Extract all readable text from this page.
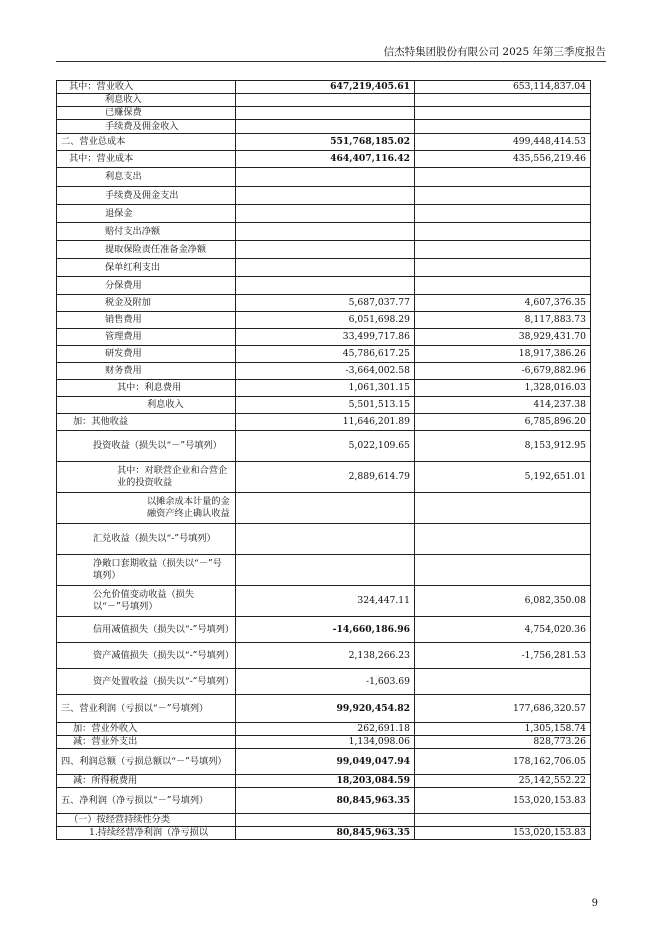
信杰特集团股份有限公司 2025 年第三季度报告
其中：营业收入	647,219,405.61	653,114,837.04
利息收入		
已赚保费		
手续费及佣金收入		
二、营业总成本	551,768,185.02	499,448,414.53
其中：营业成本	464,407,116.42	435,556,219.46
利息支出		
手续费及佣金支出		
退保金		
赔付支出净额		
提取保险责任准备金净额		
保单红利支出		
分保费用		
税金及附加	5,687,037.77	4,607,376.35
销售费用	6,051,698.29	8,117,883.73
管理费用	33,499,717.86	38,929,431.70
研发费用	45,786,617.25	18,917,386.26
财务费用	-3,664,002.58	-6,679,882.96
其中：利息费用	1,061,301.15	1,328,016.03
利息收入	5,501,513.15	414,237.38
加：其他收益	11,646,201.89	6,785,896.20
投资收益（损失以“－”号填列）	5,022,109.65	8,153,912.95
其中：对联营企业和合营企业的投资收益	2,889,614.79	5,192,651.01
以摊余成本计量的金融资产终止确认收益		
汇兑收益（损失以“-”号填列）		
净敞口套期收益（损失以“－”号填列）		
公允价值变动收益（损失以“－”号填列）	324,447.11	6,082,350.08
信用减值损失（损失以“-”号填列）	-14,660,186.96	4,754,020.36
资产减值损失（损失以“-”号填列）	2,138,266.23	-1,756,281.53
资产处置收益（损失以“-”号填列）	-1,603.69	
三、营业利润（亏损以“－”号填列）	99,920,454.82	177,686,320.57
加：营业外收入	262,691.18	1,305,158.74
减：营业外支出	1,134,098.06	828,773.26
四、利润总额（亏损总额以“－”号填列）	99,049,047.94	178,162,706.05
减：所得税费用	18,203,084.59	25,142,552.22
五、净利润（净亏损以“－”号填列）	80,845,963.35	153,020,153.83
（一）按经营持续性分类		
1.持续经营净利润（净亏损以	80,845,963.35	153,020,153.83
9
